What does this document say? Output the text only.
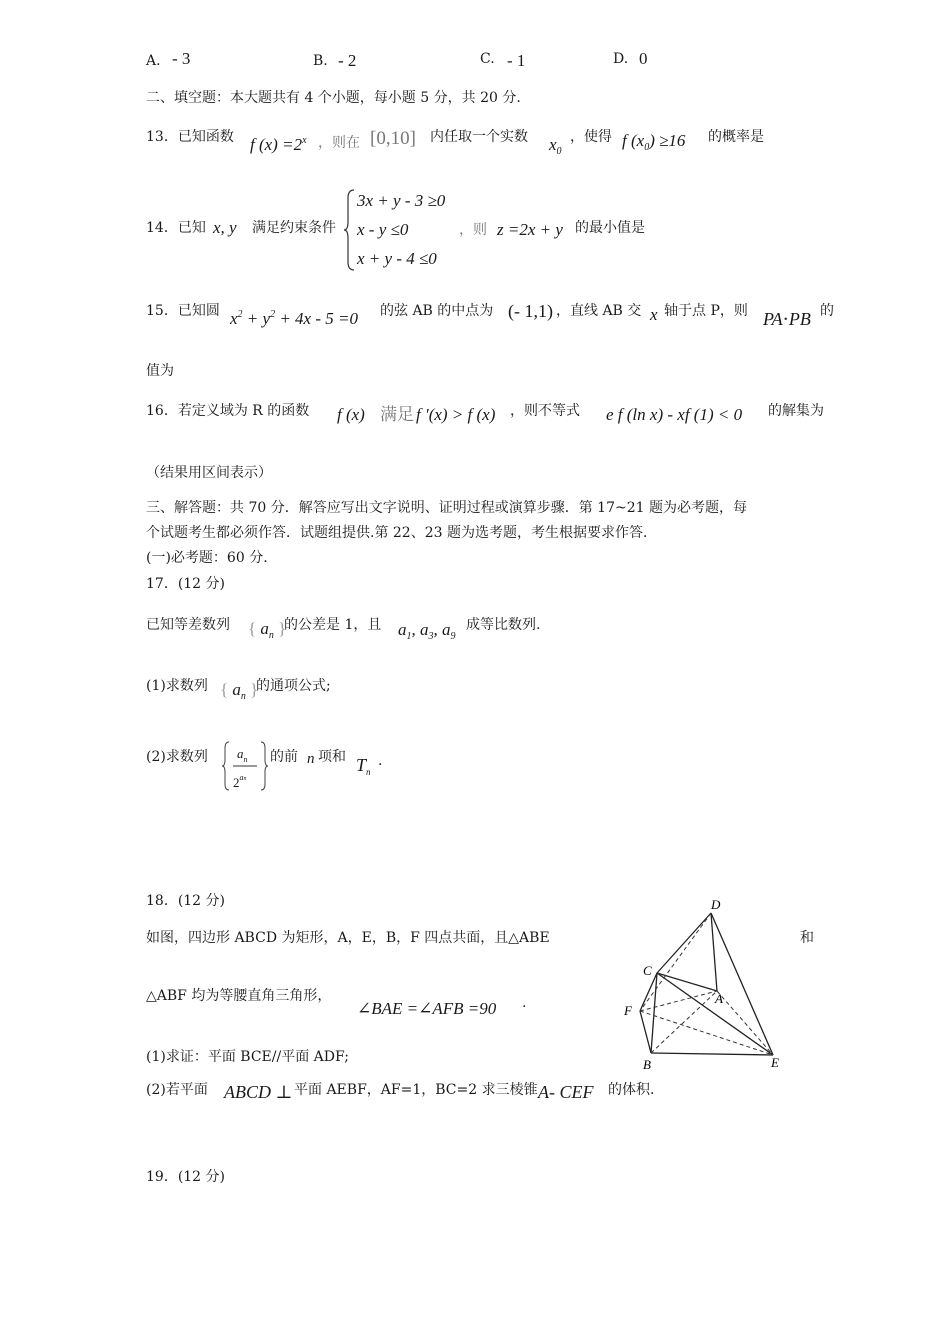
A. - 3	B. - 2	C. - 1	D. 0
二、填空题：本大题共有 4 个小题，每小题 5 分，共 20 分.
13．已知函数 f $(x) =2^x$ ，则在 [0,10] 内任取一个实数 $x_0$
，使得 f $(x_0) \ge 16$ 的概率是
14．已知 x, y 满足约束条件
3x + y - 3 ≥0
x - y ≤0
x + y - 4 ≤0
，则 z =2x + y 的最小值是
15．已知圆 $x^2 + y^2 + 4x - 5 =0$ 的弦 AB 的中点为 (- 1,1) ，直线 AB 交 x 轴于点 P，则 PA⋅PB 的
值为
16．若定义域为 R 的函数 f (x) 满足 f ′(x) > f (x) ，则不等式 e f (ln x) - xf (1) < 0 的解集为
（结果用区间表示）
三、解答题：共 70 分．解答应写出文字说明、证明过程或演算步骤．第 17~21 题为必考题，每
个试题考生都必须作答．试题组提供.第 22、23 题为选考题，考生根据要求作答．
(一)必考题：60 分.
17．(12 分)
已知等差数列 { $a_n$ }
的公差是 1，且 $a_1$, $a_3$, $a_9$
成等比数列.
(1)求数列 { $a_n$ }
的通项公式;
(2)求数列 $a_n$
$2^{an}$
的前 n 项和 $T_n$
.
18．(12 分)
如图，四边形 ABCD 为矩形，A，E，B，F 四点共面，且△ABE	和
△ABF 均为等腰直角三角形，
∠BAE =∠AFB =90 .
(1)求证：平面 BCE//平面 ADF;
(2)若平面 ABCD ⊥ 平面 AEBF，AF=1，BC=2 求三棱锥 A- CEF 的体积.
D
C
A
F
B	E
19．(12 分)
